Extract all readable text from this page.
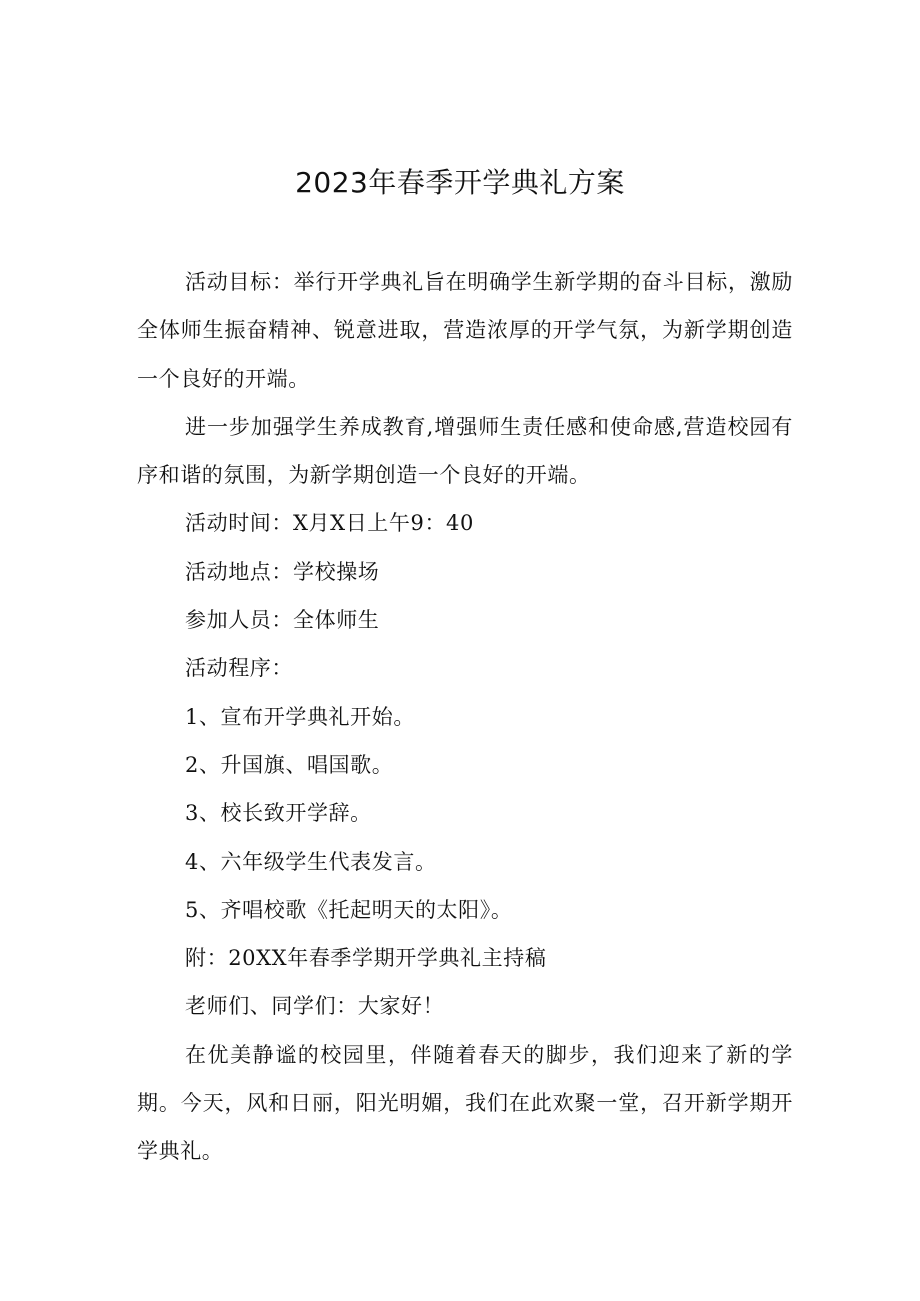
2023年春季开学典礼方案

活动目标：举行开学典礼旨在明确学生新学期的奋斗目标，激励全体师生振奋精神、锐意进取，营造浓厚的开学气氛，为新学期创造一个良好的开端。

进一步加强学生养成教育,增强师生责任感和使命感,营造校园有序和谐的氛围，为新学期创造一个良好的开端。

活动时间：X月X日上午9：40

活动地点：学校操场

参加人员：全体师生

活动程序：

1、宣布开学典礼开始。

2、升国旗、唱国歌。

3、校长致开学辞。

4、六年级学生代表发言。

5、齐唱校歌《托起明天的太阳》。

附：20XX年春季学期开学典礼主持稿

老师们、同学们：大家好！

在优美静谧的校园里，伴随着春天的脚步，我们迎来了新的学期。今天，风和日丽，阳光明媚，我们在此欢聚一堂，召开新学期开学典礼。
